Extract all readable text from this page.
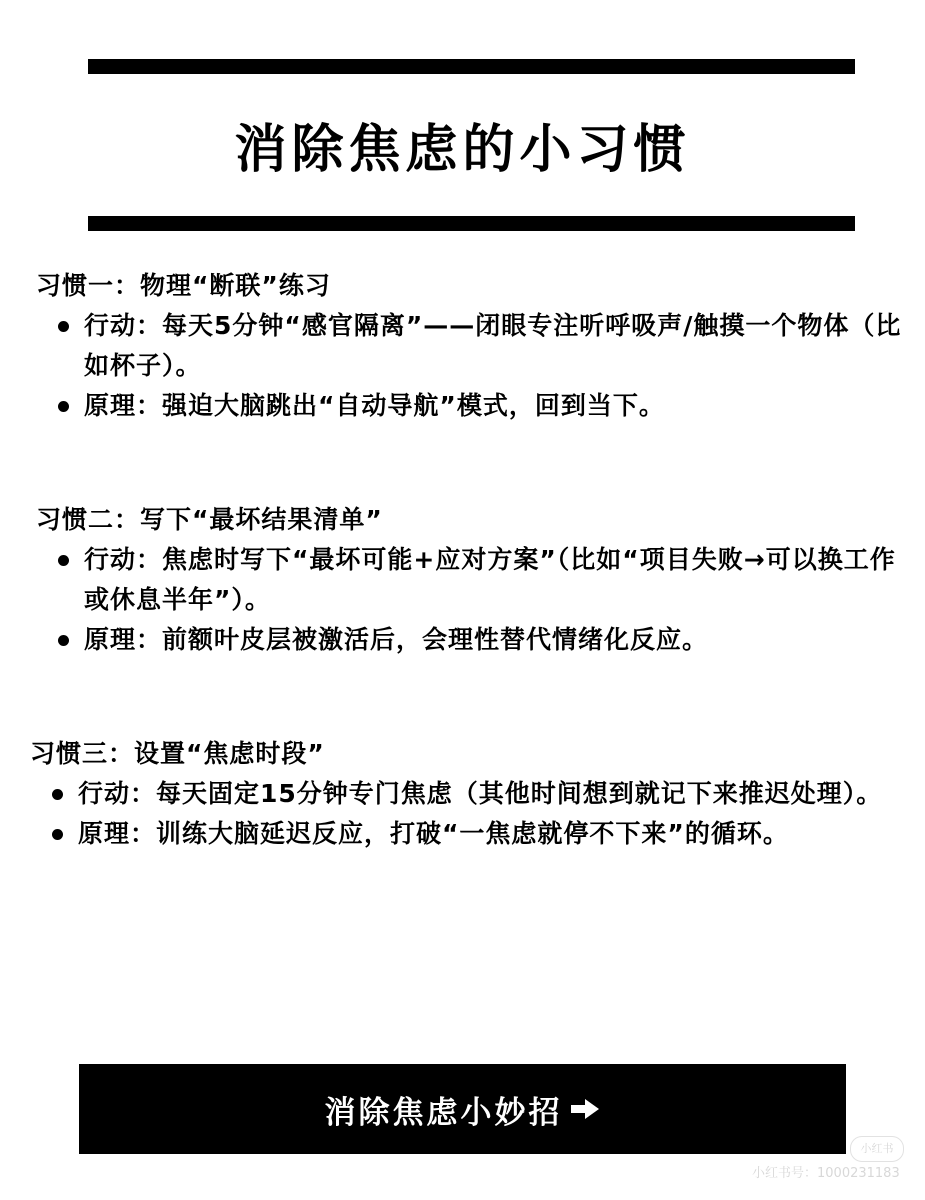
消除焦虑的小习惯
习惯一：物理“断联”练习
行动：每天5分钟“感官隔离”——闭眼专注听呼吸声/触摸一个物体（比如杯子）。
原理：强迫大脑跳出“自动导航”模式，回到当下。
习惯二：写下“最坏结果清单”
行动：焦虑时写下“最坏可能+应对方案”（比如“项目失败→可以换工作或休息半年”）。
原理：前额叶皮层被激活后，会理性替代情绪化反应。
习惯三：设置“焦虑时段”
行动：每天固定15分钟专门焦虑（其他时间想到就记下来推迟处理）。
原理：训练大脑延迟反应，打破“一焦虑就停不下来”的循环。
消除焦虑小妙招
小红书
小红书号：1000231183
